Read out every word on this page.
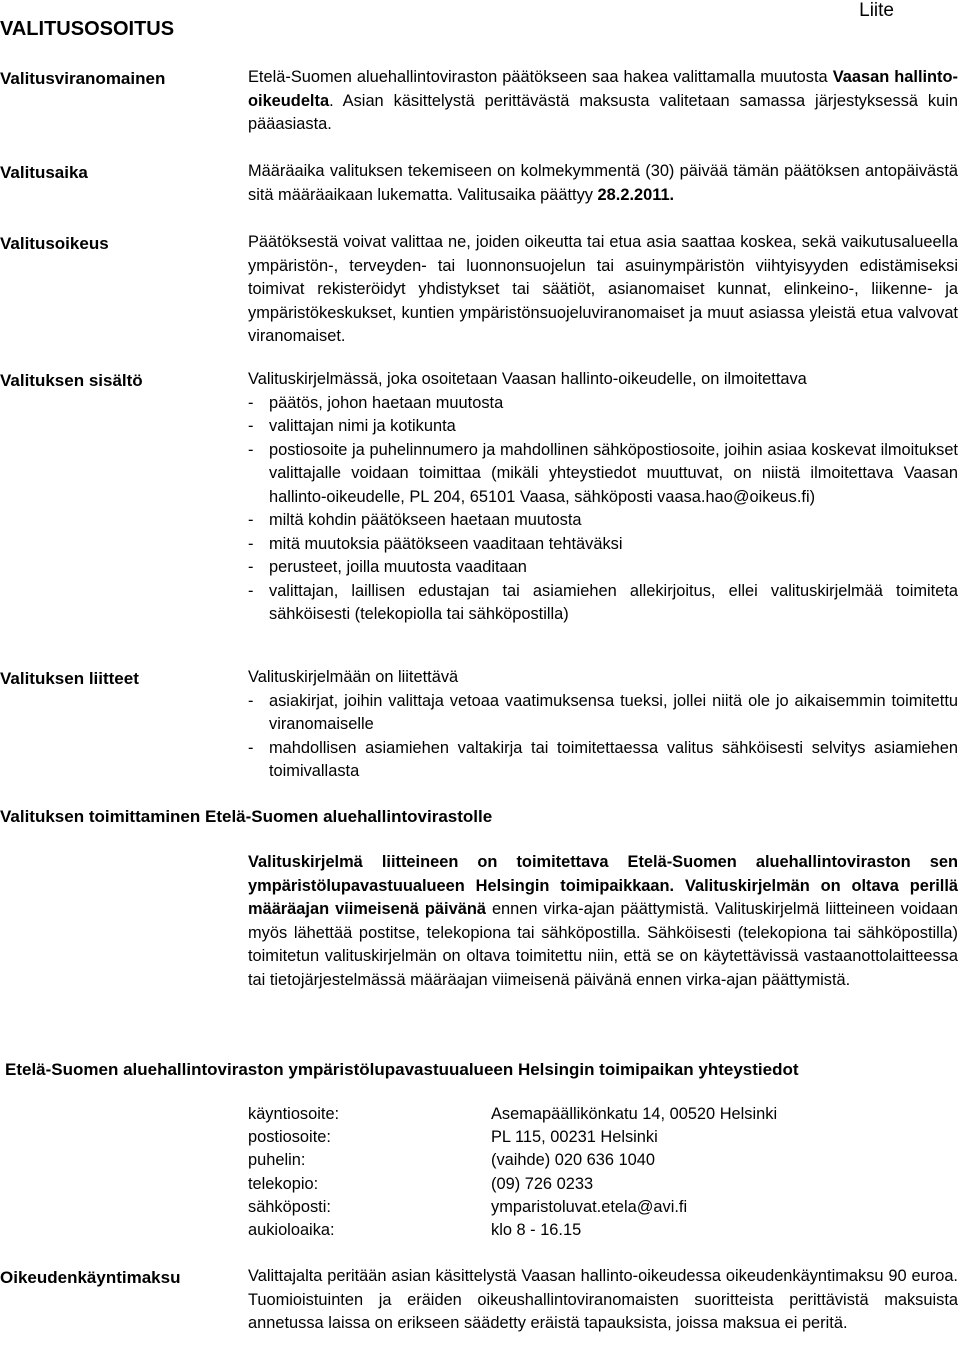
Liite
VALITUSOSOITUS
Valitusviranomainen	Etelä-Suomen aluehallintoviraston päätökseen saa hakea valittamalla muutosta Vaasan hallinto-oikeudelta. Asian käsittelystä perittävästä maksusta valitetaan samassa järjestyksessä kuin pääasiasta.

Valitusaika	Määräaika valituksen tekemiseen on kolmekymmentä (30) päivää tämän päätöksen antopäivästä sitä määräaikaan lukematta. Valitusaika päättyy 28.2.2011.

Valitusoikeus	Päätöksestä voivat valittaa ne, joiden oikeutta tai etua asia saattaa koskea, sekä vaikutusalueella ympäristön-, terveyden- tai luonnonsuojelun tai asuinympäristön viihtyisyyden edistämiseksi toimivat rekisteröidyt yhdistykset tai säätiöt, asianomaiset kunnat, elinkeino-, liikenne- ja ympäristökeskukset, kuntien ympäristönsuojeluviranomaiset ja muut asiassa yleistä etua valvovat viranomaiset.

Valituksen sisältö	Valituskirjelmässä, joka osoitetaan Vaasan hallinto-oikeudelle, on ilmoitettava

- päätös, johon haetaan muutosta
- valittajan nimi ja kotikunta
- postiosoite ja puhelinnumero ja mahdollinen sähköpostiosoite, joihin asiaa koskevat ilmoitukset valittajalle voidaan toimittaa (mikäli yhteystiedot muuttuvat, on niistä ilmoitettava Vaasan hallinto-oikeudelle, PL 204, 65101 Vaasa, sähköposti vaasa.hao@oikeus.fi)
- miltä kohdin päätökseen haetaan muutosta
- mitä muutoksia päätökseen vaaditaan tehtäväksi
- perusteet, joilla muutosta vaaditaan
- valittajan, laillisen edustajan tai asiamiehen allekirjoitus, ellei valituskirjelmää toimiteta sähköisesti (telekopiolla tai sähköpostilla)
Valituksen liitteet	Valituskirjelmään on liitettävä

- asiakirjat, joihin valittaja vetoaa vaatimuksensa tueksi, jollei niitä ole jo aikaisemmin toimitettu viranomaiselle
- mahdollisen asiamiehen valtakirja tai toimitettaessa valitus sähköisesti selvitys asiamiehen toimivallasta
Valituksen toimittaminen Etelä-Suomen aluehallintovirastolle

Valituskirjelmä liitteineen on toimitettava Etelä-Suomen aluehallintoviraston sen ympäristölupavastuualueen Helsingin toimipaikkaan. Valituskirjelmän on oltava perillä määräajan viimeisenä päivänä ennen virka-ajan päättymistä. Valituskirjelmä liitteineen voidaan myös lähettää postitse, telekopiona tai sähköpostilla. Sähköisesti (telekopiona tai sähköpostilla) toimitetun valituskirjelmän on oltava toimitettu niin, että se on käytettävissä vastaanottolaitteessa tai tietojärjestelmässä määräajan viimeisenä päivänä ennen virka-ajan päättymistä.

Etelä-Suomen aluehallintoviraston ympäristölupavastuualueen Helsingin toimipaikan yhteystiedot
käyntiosoite:	Asemapäällikönkatu 14, 00520 Helsinki
postiosoite:	PL 115, 00231 Helsinki
puhelin:	(vaihde) 020 636 1040
telekopio:	(09) 726 0233
sähköposti:	ymparistoluvat.etela@avi.fi
aukioloaika:	klo 8 - 16.15
Oikeudenkäyntimaksu	Valittajalta peritään asian käsittelystä Vaasan hallinto-oikeudessa oikeudenkäyntimaksu 90 euroa. Tuomioistuinten ja eräiden oikeushallintoviranomaisten suoritteista perittävistä maksuista annetussa laissa on erikseen säädetty eräistä tapauksista, joissa maksua ei peritä.
